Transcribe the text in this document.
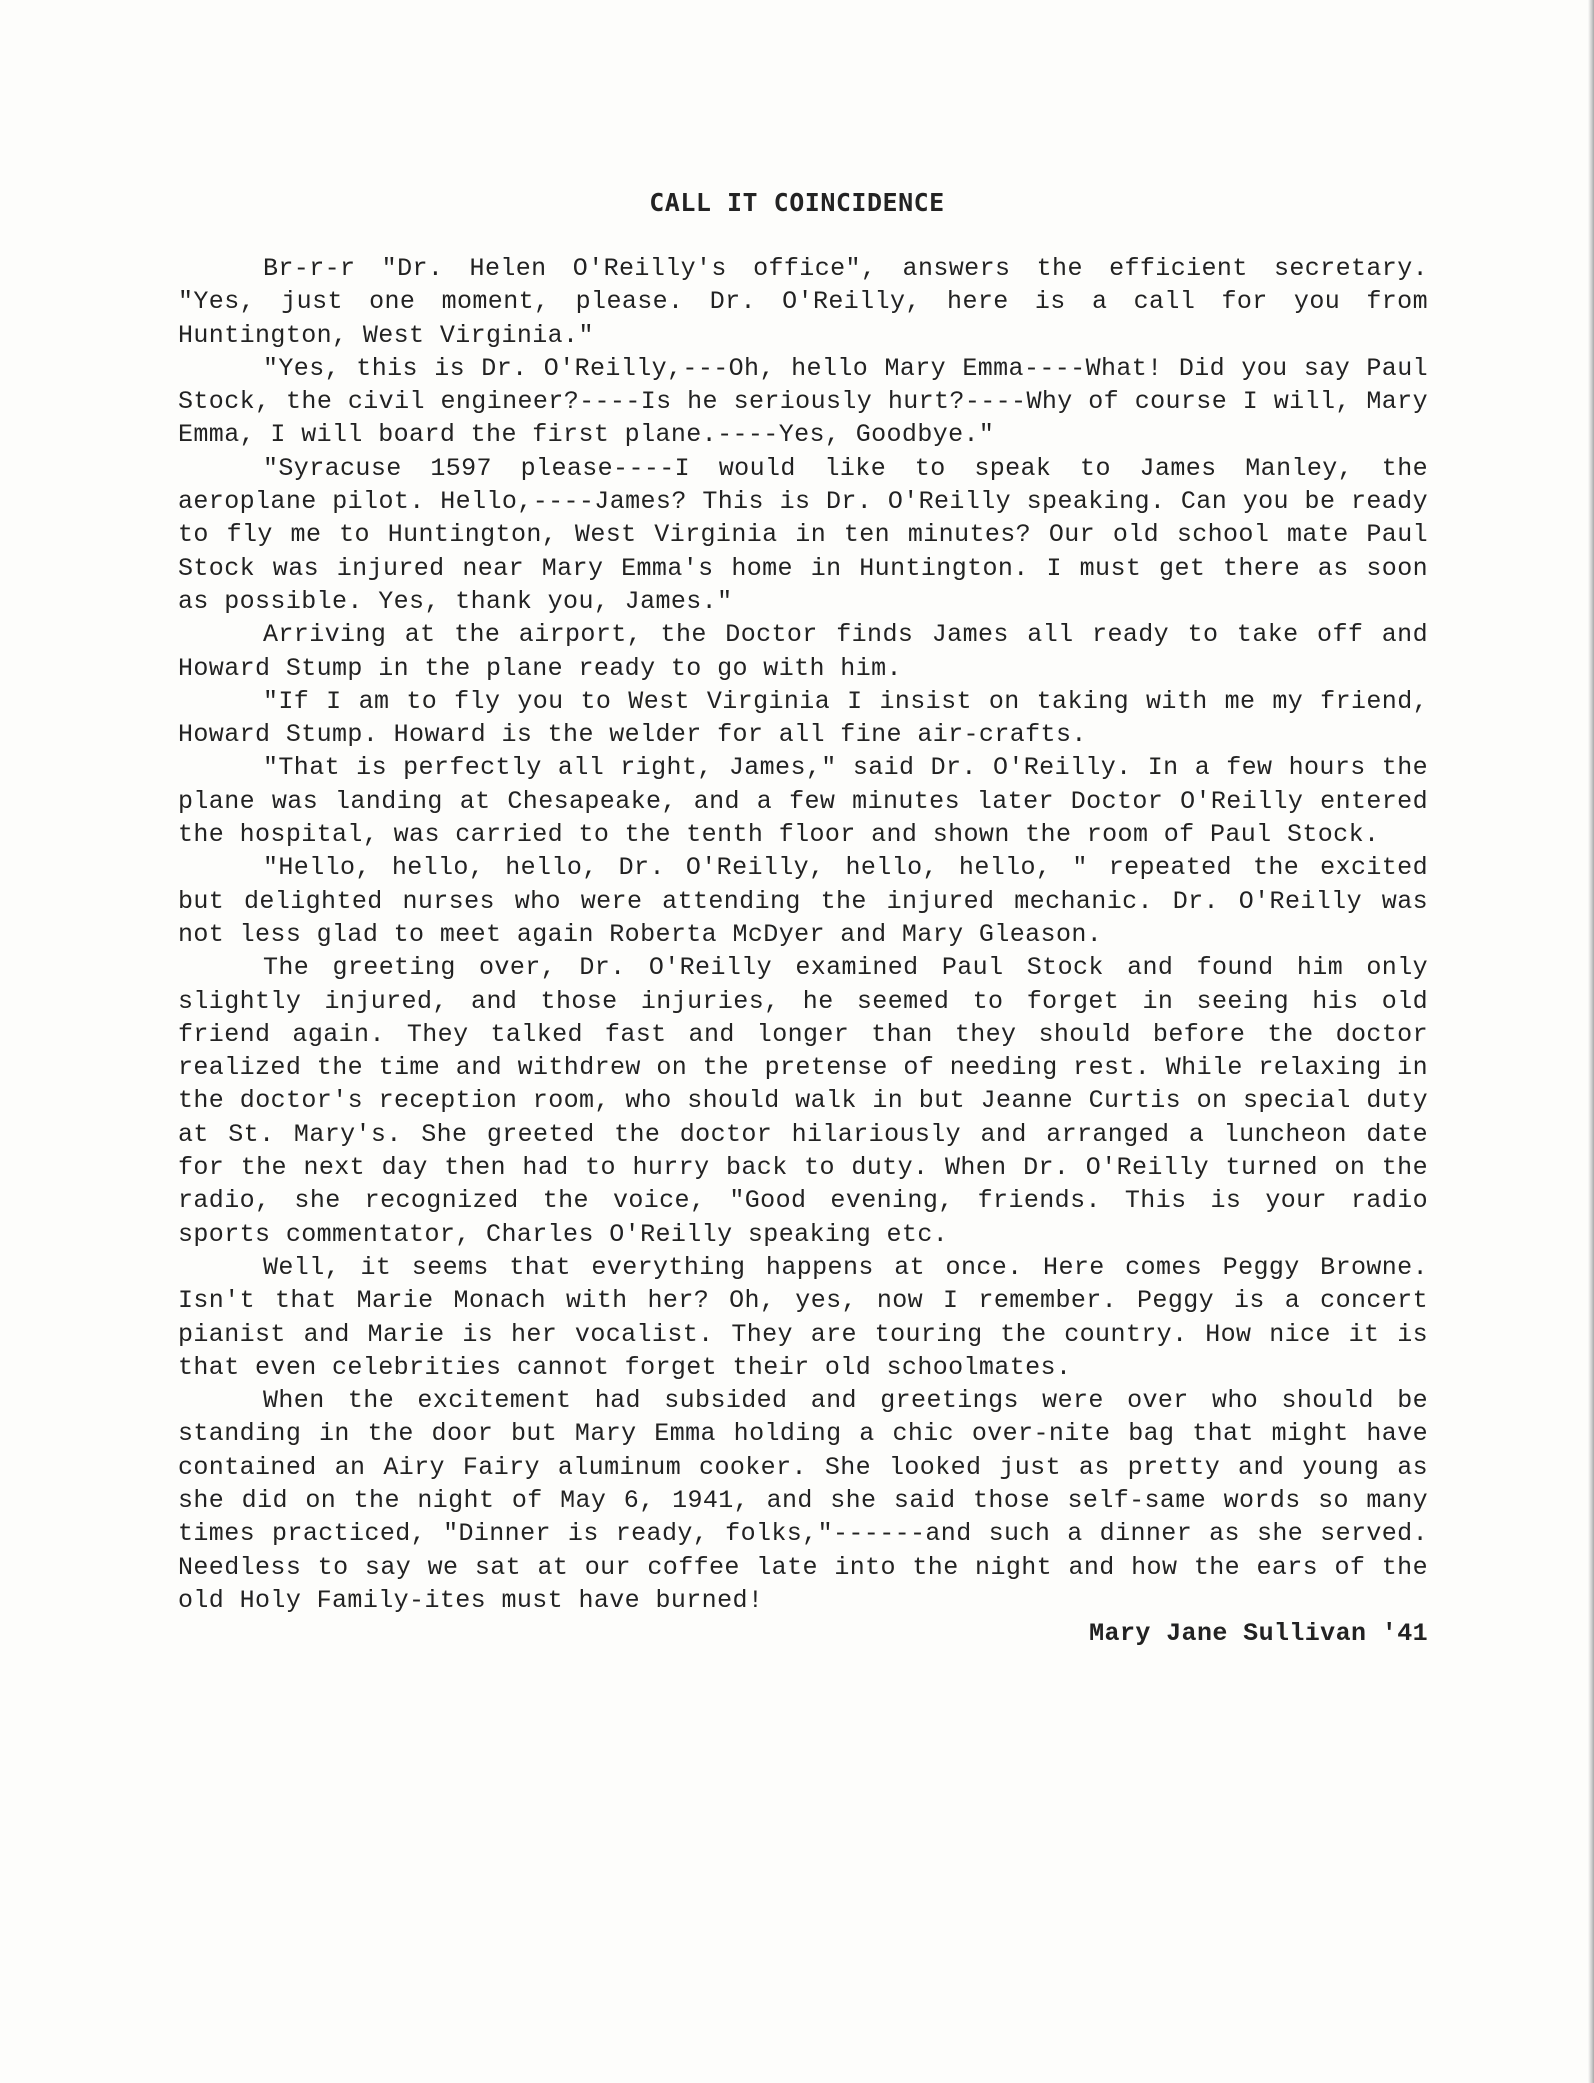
CALL IT COINCIDENCE

Br-r-r "Dr. Helen O'Reilly's office", answers the efficient secretary. "Yes, just one moment, please. Dr. O'Reilly, here is a call for you from Huntington, West Virginia."

"Yes, this is Dr. O'Reilly,---Oh, hello Mary Emma----What! Did you say Paul Stock, the civil engineer?----Is he seriously hurt?----Why of course I will, Mary Emma, I will board the first plane.----Yes, Goodbye."

"Syracuse 1597 please----I would like to speak to James Manley, the aeroplane pilot. Hello,----James? This is Dr. O'Reilly speaking. Can you be ready to fly me to Huntington, West Virginia in ten minutes? Our old school mate Paul Stock was injured near Mary Emma's home in Huntington. I must get there as soon as possible. Yes, thank you, James."

Arriving at the airport, the Doctor finds James all ready to take off and Howard Stump in the plane ready to go with him.

"If I am to fly you to West Virginia I insist on taking with me my friend, Howard Stump. Howard is the welder for all fine air-crafts.

"That is perfectly all right, James," said Dr. O'Reilly. In a few hours the plane was landing at Chesapeake, and a few minutes later Doctor O'Reilly entered the hospital, was carried to the tenth floor and shown the room of Paul Stock.

"Hello, hello, hello, Dr. O'Reilly, hello, hello, " repeated the excited but delighted nurses who were attending the injured mechanic. Dr. O'Reilly was not less glad to meet again Roberta McDyer and Mary Gleason.

The greeting over, Dr. O'Reilly examined Paul Stock and found him only slightly injured, and those injuries, he seemed to forget in seeing his old friend again. They talked fast and longer than they should before the doctor realized the time and withdrew on the pretense of needing rest. While relaxing in the doctor's reception room, who should walk in but Jeanne Curtis on special duty at St. Mary's. She greeted the doctor hilariously and arranged a luncheon date for the next day then had to hurry back to duty. When Dr. O'Reilly turned on the radio, she recognized the voice, "Good evening, friends. This is your radio sports commentator, Charles O'Reilly speaking etc.

Well, it seems that everything happens at once. Here comes Peggy Browne. Isn't that Marie Monach with her? Oh, yes, now I remember. Peggy is a concert pianist and Marie is her vocalist. They are touring the country. How nice it is that even celebrities cannot forget their old schoolmates.

When the excitement had subsided and greetings were over who should be standing in the door but Mary Emma holding a chic over-nite bag that might have contained an Airy Fairy aluminum cooker. She looked just as pretty and young as she did on the night of May 6, 1941, and she said those self-same words so many times practiced, "Dinner is ready, folks,"------and such a dinner as she served. Needless to say we sat at our coffee late into the night and how the ears of the old Holy Family-ites must have burned!

Mary Jane Sullivan '41
